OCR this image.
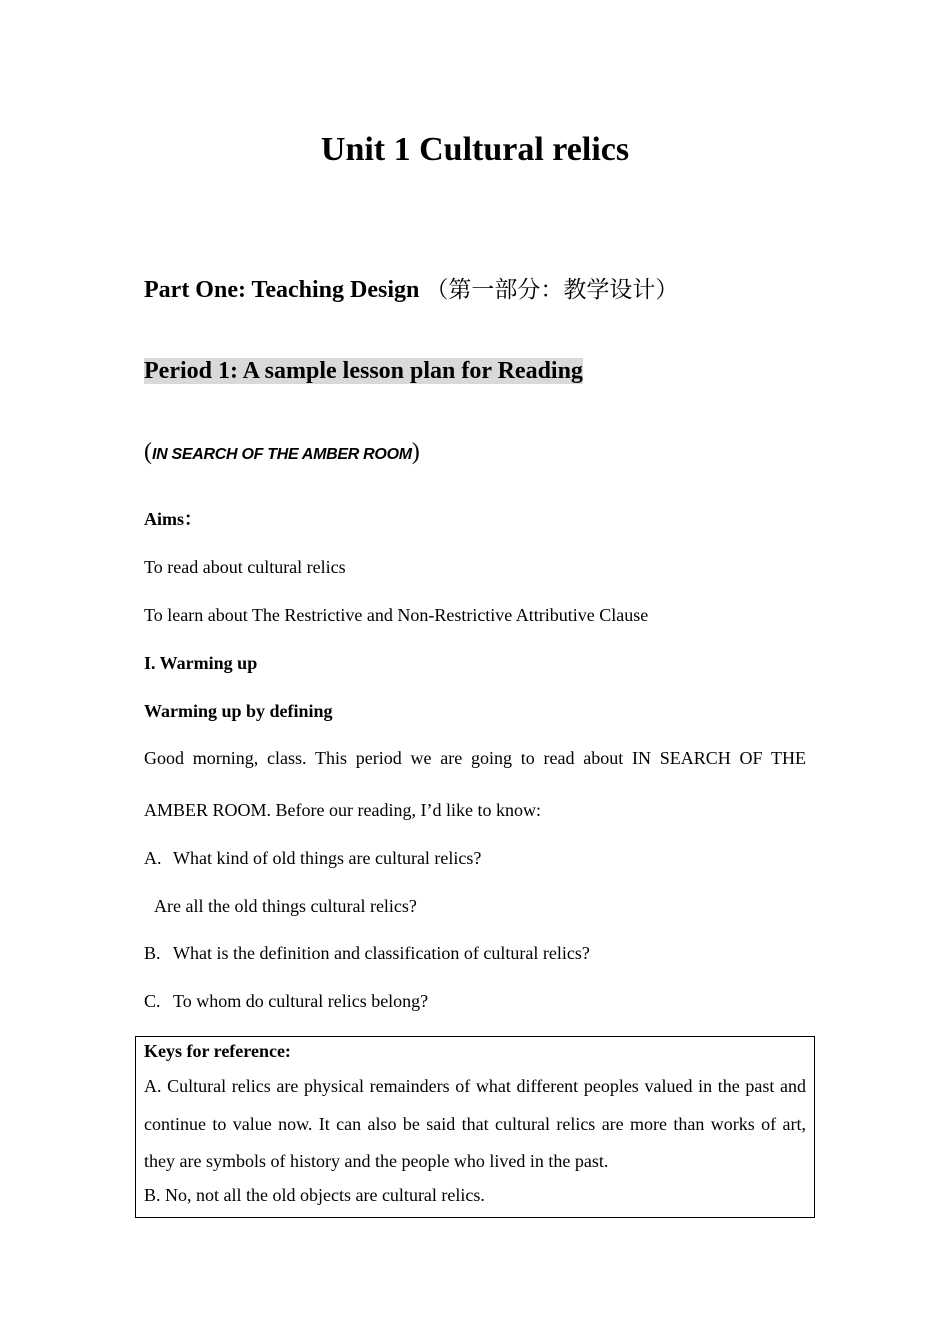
Unit 1 Cultural relics

Part One: Teaching Design （第一部分：教学设计）

Period 1: A sample lesson plan for Reading

(IN SEARCH OF THE AMBER ROOM)

Aims：

To read about cultural relics

To learn about The Restrictive and Non-Restrictive Attributive Clause

I. Warming up

Warming up by defining

Good morning, class. This period we are going to read about IN SEARCH OF THE AMBER ROOM. Before our reading, I’d like to know:

A. What kind of old things are cultural relics?

Are all the old things cultural relics?

B. What is the definition and classification of cultural relics?

C. To whom do cultural relics belong?

Keys for reference:

A. Cultural relics are physical remainders of what different peoples valued in the past and continue to value now. It can also be said that cultural relics are more than works of art, they are symbols of history and the people who lived in the past.

B. No, not all the old objects are cultural relics.
